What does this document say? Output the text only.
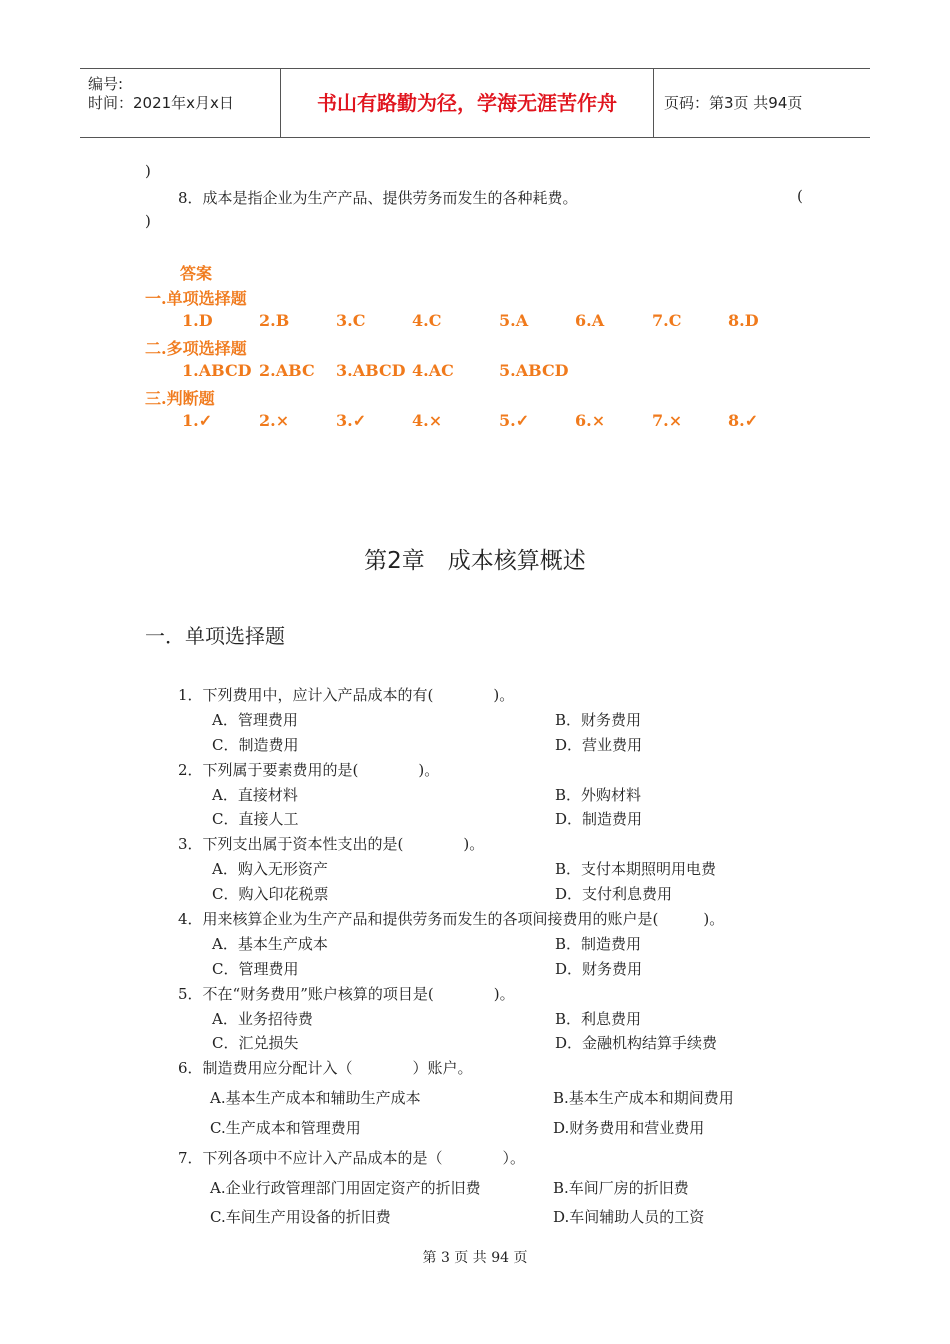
编号:
时间：2021年x月x日	书山有路勤为径，学海无涯苦作舟	页码：第3页 共94页
)
8．成本是指企业为生产产品、提供劳务而发生的各种耗费。	(
)
答案
一.单项选择题
1.D	2.B	3.C	4.C	5.A	6.A	7.C	8.D
二.多项选择题
1.ABCD 2.ABC 3.ABCD 4.AC	5.ABCD
三.判断题
1.✓	2.×	3.✓	4.×	5.✓	6.×	7.×	8.✓
第2章　成本核算概述
一．单项选择题
1．下列费用中，应计入产品成本的有(　　　　)。
A．管理费用	B．财务费用
C．制造费用	D．营业费用
2．下列属于要素费用的是(　　　　)。
A．直接材料	B．外购材料
C．直接人工	D．制造费用
3．下列支出属于资本性支出的是(　　　　)。
A．购入无形资产	B．支付本期照明用电费
C．购入印花税票	D．支付利息费用
4．用来核算企业为生产产品和提供劳务而发生的各项间接费用的账户是(　　　)。
A．基本生产成本	B．制造费用
C．管理费用	D．财务费用
5．不在“财务费用”账户核算的项目是(　　　　)。
A．业务招待费	B．利息费用
C．汇兑损失	D．金融机构结算手续费
6．制造费用应分配计入（　　　　）账户。
A.基本生产成本和辅助生产成本	B.基本生产成本和期间费用
C.生产成本和管理费用	D.财务费用和营业费用
7．下列各项中不应计入产品成本的是（　　　　）。
A.企业行政管理部门用固定资产的折旧费	B.车间厂房的折旧费
C.车间生产用设备的折旧费	D.车间辅助人员的工资
第 3 页 共 94 页
